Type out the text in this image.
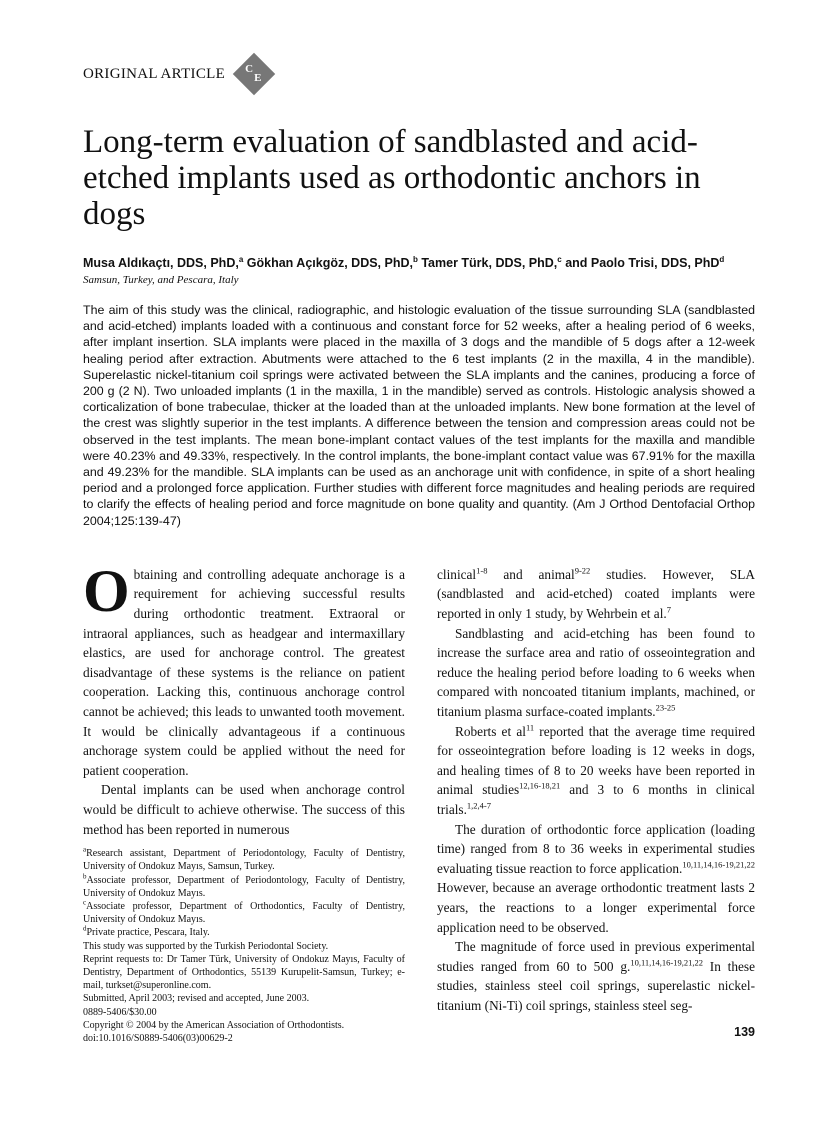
ORIGINAL ARTICLE C
E
Long-term evaluation of sandblasted and acid-etched implants used as orthodontic anchors in dogs
Musa Aldıkaçtı, DDS, PhD,$^a$ Gökhan Açıkgöz, DDS, PhD,$^b$ Tamer Türk, DDS, PhD,$^c$ and Paolo Trisi, DDS, PhD$^d$
Samsun, Turkey, and Pescara, Italy

The aim of this study was the clinical, radiographic, and histologic evaluation of the tissue surrounding SLA (sandblasted and acid-etched) implants loaded with a continuous and constant force for 52 weeks, after a healing period of 6 weeks, after implant insertion. SLA implants were placed in the maxilla of 3 dogs and the mandible of 5 dogs after a 12-week healing period after extraction. Abutments were attached to the 6 test implants (2 in the maxilla, 4 in the mandible). Superelastic nickel-titanium coil springs were activated between the SLA implants and the canines, producing a force of 200 g (2 N). Two unloaded implants (1 in the maxilla, 1 in the mandible) served as controls. Histologic analysis showed a corticalization of bone trabeculae, thicker at the loaded than at the unloaded implants. New bone formation at the level of the crest was slightly superior in the test implants. A difference between the tension and compression areas could not be observed in the test implants. The mean bone-implant contact values of the test implants for the maxilla and mandible were 40.23% and 49.33%, respectively. In the control implants, the bone-implant contact value was 67.91% for the maxilla and 49.23% for the mandible. SLA implants can be used as an anchorage unit with confidence, in spite of a short healing period and a prolonged force application. Further studies with different force magnitudes and healing periods are required to clarify the effects of healing period and force magnitude on bone quality and quantity. (Am J Orthod Dentofacial Orthop 2004;125:139-47)

Obtaining and controlling adequate anchorage is a requirement for achieving successful results during orthodontic treatment. Extraoral or intraoral appliances, such as headgear and intermaxillary elastics, are used for anchorage control. The greatest disadvantage of these systems is the reliance on patient cooperation. Lacking this, continuous anchorage control cannot be achieved; this leads to unwanted tooth movement. It would be clinically advantageous if a continuous anchorage system could be applied without the need for patient cooperation.

Dental implants can be used when anchorage control would be difficult to achieve otherwise. The success of this method has been reported in numerous

$^a$Research assistant, Department of Periodontology, Faculty of Dentistry, University of Ondokuz Mayıs, Samsun, Turkey.
$^b$Associate professor, Department of Periodontology, Faculty of Dentistry, University of Ondokuz Mayıs.
$^c$Associate professor, Department of Orthodontics, Faculty of Dentistry, University of Ondokuz Mayıs.
$^d$Private practice, Pescara, Italy.
This study was supported by the Turkish Periodontal Society.
Reprint requests to: Dr Tamer Türk, University of Ondokuz Mayıs, Faculty of Dentistry, Department of Orthodontics, 55139 Kurupelit-Samsun, Turkey; e-mail, turkset@superonline.com.
Submitted, April 2003; revised and accepted, June 2003.
0889-5406/$30.00
Copyright © 2004 by the American Association of Orthodontists.
doi:10.1016/S0889-5406(03)00629-2

clinical$^{1-8}$ and animal$^{9-22}$ studies. However, SLA (sandblasted and acid-etched) coated implants were reported in only 1 study, by Wehrbein et al.$^7$

Sandblasting and acid-etching has been found to increase the surface area and ratio of osseointegration and reduce the healing period before loading to 6 weeks when compared with noncoated titanium implants, machined, or titanium plasma surface-coated implants.$^{23-25}$

Roberts et $al^{11}$ reported that the average time required for osseointegration before loading is 12 weeks in dogs, and healing times of 8 to 20 weeks have been reported in animal studies$^{12,16-18,21}$ and 3 to 6 months in clinical trials.$^{1,2,4-7}$

The duration of orthodontic force application (loading time) ranged from 8 to 36 weeks in experimental studies evaluating tissue reaction to force application.$^{10,11,14,16-19,21,22}$ However, because an average orthodontic treatment lasts 2 years, the reactions to a longer experimental force application need to be observed.

The magnitude of force used in previous experimental studies ranged from 60 to 500 g.$^{10,11,14,16-19,21,22}$ In these studies, stainless steel coil springs, superelastic nickel-titanium (Ni-Ti) coil springs, stainless steel seg-

139
